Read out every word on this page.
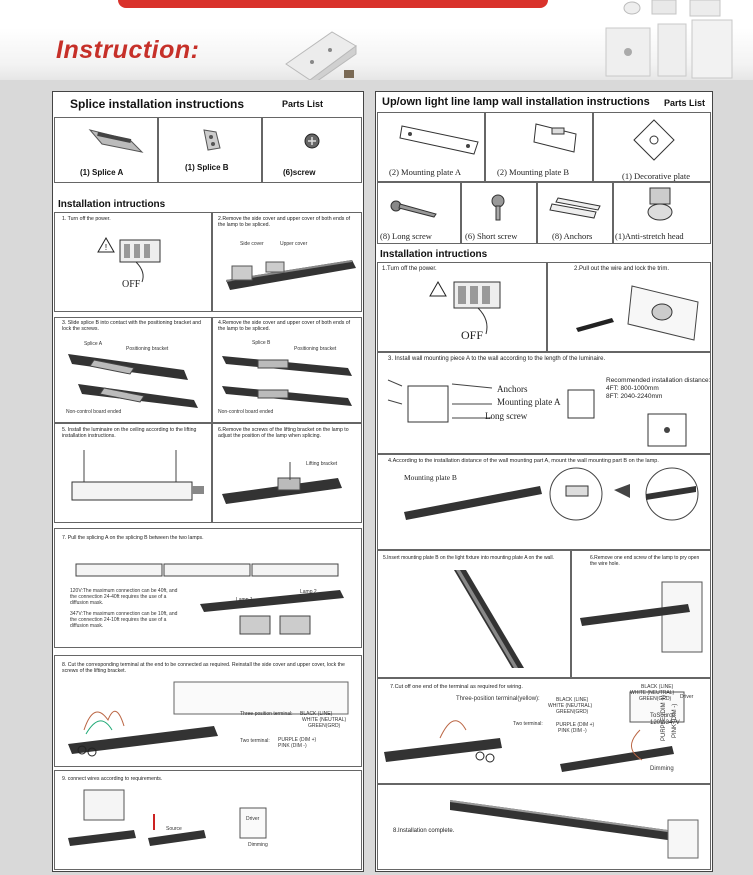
Instruction:
Splice installation instructions	Parts List
(1) Splice A
(1) Splice B
(6)screw
Installation intructions
1. Turn off the power.
!
OFF
2.Remove the side cover and upper cover of both ends of the lamp to be spliced.
Side cover	Upper cover
3. Slide splice B into contact with the positioning bracket and lock the screws.
Splice A
Positioning bracket
Non-control board ended
4.Remove the side cover and upper cover of both ends of the lamp to be spliced.
Splice B
Positioning bracket
Non-control board ended
5. Install the luminaire on the ceiling according to the lifting installation instructions.
6.Remove the screws of the lifting bracket on the lamp to adjust the position of the lamp when splicing.
Lifting bracket
7. Pull the splicing A on the splicing B between the two lamps.
120V:The maximum connection can be 40ft, and the connection 24-40ft requires the use of a diffusion mask.
347V:The maximum connection can be 10ft, and the connection 24-10ft requires the use of a diffusion mask.
Lamp 1
Lamp 2
8. Cut the corresponding terminal at the end to be connected as required. Reinstall the side cover and upper cover, lock the screws of the lifting bracket.
Three-position terminal: BLACK (LINE)
WHITE (NEUTRAL)
GREEN(GRD)
Two terminal: PURPLE (DIM +)
PINK (DIM -)
9. connect wires according to requirements.
Source
Driver
Dimming
Up/own light line lamp wall installation instructions Parts List
(2) Mounting plate A	(2) Mounting plate B	(1) Decorative plate
(8) Long screw	(6) Short screw	(8) Anchors	(1)Anti-stretch head
Installation intructions
1.Turn off the power.
OFF
2.Pull out the wire and lock the trim.
3. Install wall mounting piece A to the wall according to the length of the luminaire.
Anchors
Mounting plate A
Long screw
Recommended installation distance:
4FT: 800-1000mm
8FT: 2040-2240mm
4.According to the installation distance of the wall mounting part A, mount the wall mounting part B on the lamp.
Mounting plate B
5.Insert mounting plate B on the light fixture into mounting plate A on the wall.	6.Remove one end screw of the lamp to pry open the wire hole.
7.Cut off one end of the terminal as required for wiring.
Three-position terminal(yellow):	BLACK (LINE)
WHITE (NEUTRAL)
GREEN(GRD)
Two terminal:	PURPLE (DIM +)
PINK (DIM -)
BLACK (LINE)
WHITE (NEUTRAL)
GREEN(GRD) Driver
ToSource
120V-347V
PURPLE (DIM +) PINK (DIM -)
Dimming
8.Installation complete.
